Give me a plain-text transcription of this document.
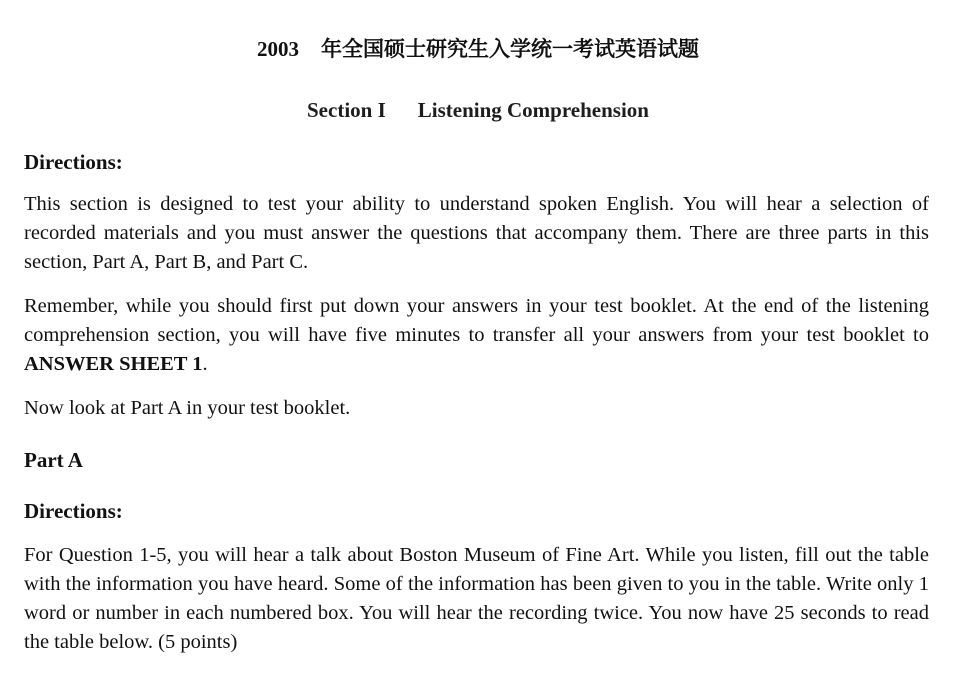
2003 年全国硕士研究生入学统一考试英语试题
Section I Listening Comprehension
Directions:
This section is designed to test your ability to understand spoken English. You will hear a selection of recorded materials and you must answer the questions that accompany them. There are three parts in this section, Part A, Part B, and Part C.
Remember, while you should first put down your answers in your test booklet. At the end of the listening comprehension section, you will have five minutes to transfer all your answers from your test booklet to ANSWER SHEET 1.
Now look at Part A in your test booklet.
Part A
Directions:
For Question 1-5, you will hear a talk about Boston Museum of Fine Art. While you listen, fill out the table with the information you have heard. Some of the information has been given to you in the table. Write only 1 word or number in each numbered box. You will hear the recording twice. You now have 25 seconds to read the table below. (5 points)
